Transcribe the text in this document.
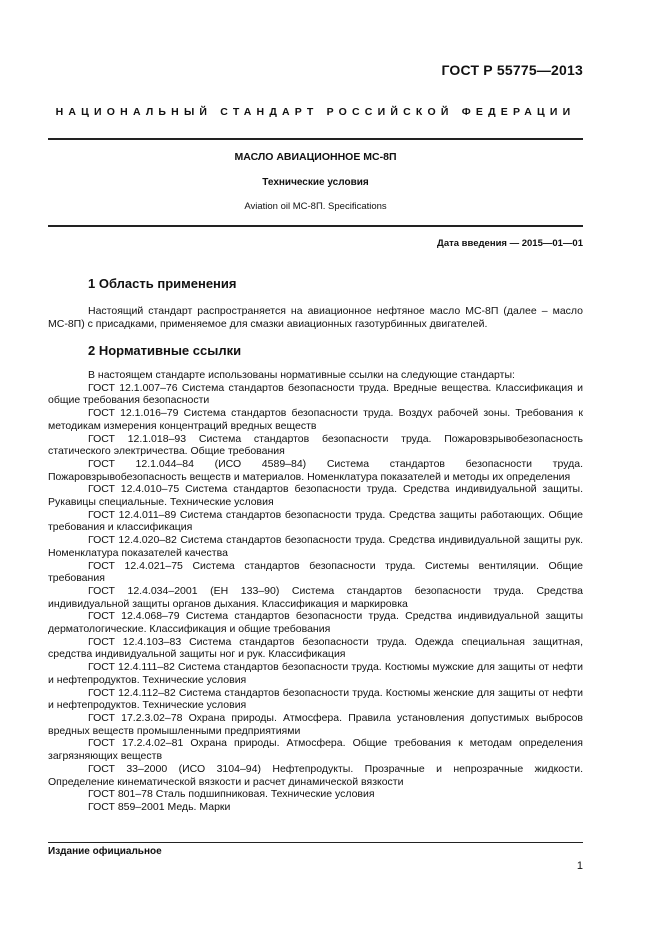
ГОСТ Р 55775—2013
НАЦИОНАЛЬНЫЙ СТАНДАРТ РОССИЙСКОЙ ФЕДЕРАЦИИ
МАСЛО АВИАЦИОННОЕ МС-8П
Технические условия
Aviation oil МС-8П. Specifications
Дата введения — 2015—01—01
1 Область применения

Настоящий стандарт распространяется на авиационное нефтяное масло МС-8П (далее – масло МС-8П) с присадками, применяемое для смазки авиационных газотурбинных двигателей.

2 Нормативные ссылки

В настоящем стандарте использованы нормативные ссылки на следующие стандарты:

ГОСТ 12.1.007–76 Система стандартов безопасности труда. Вредные вещества. Классификация и общие требования безопасности

ГОСТ 12.1.016–79 Система стандартов безопасности труда. Воздух рабочей зоны. Требования к методикам измерения концентраций вредных веществ

ГОСТ 12.1.018–93 Система стандартов безопасности труда. Пожаровзрывобезопасность статического электричества. Общие требования

ГОСТ 12.1.044–84 (ИСО 4589–84) Система стандартов безопасности труда. Пожаровзрывобезопасность веществ и материалов. Номенклатура показателей и методы их определения

ГОСТ 12.4.010–75 Система стандартов безопасности труда. Средства индивидуальной защиты. Рукавицы специальные. Технические условия

ГОСТ 12.4.011–89 Система стандартов безопасности труда. Средства защиты работающих. Общие требования и классификация

ГОСТ 12.4.020–82 Система стандартов безопасности труда. Средства индивидуальной защиты рук. Номенклатура показателей качества

ГОСТ 12.4.021–75 Система стандартов безопасности труда. Системы вентиляции. Общие требования

ГОСТ 12.4.034–2001 (ЕН 133–90) Система стандартов безопасности труда. Средства индивидуальной защиты органов дыхания. Классификация и маркировка

ГОСТ 12.4.068–79 Система стандартов безопасности труда. Средства индивидуальной защиты дерматологические. Классификация и общие требования

ГОСТ 12.4.103–83 Система стандартов безопасности труда. Одежда специальная защитная, средства индивидуальной защиты ног и рук. Классификация

ГОСТ 12.4.111–82 Система стандартов безопасности труда. Костюмы мужские для защиты от нефти и нефтепродуктов. Технические условия

ГОСТ 12.4.112–82 Система стандартов безопасности труда. Костюмы женские для защиты от нефти и нефтепродуктов. Технические условия

ГОСТ 17.2.3.02–78 Охрана природы. Атмосфера. Правила установления допустимых выбросов вредных веществ промышленными предприятиями

ГОСТ 17.2.4.02–81 Охрана природы. Атмосфера. Общие требования к методам определения загрязняющих веществ

ГОСТ 33–2000 (ИСО 3104–94) Нефтепродукты. Прозрачные и непрозрачные жидкости. Определение кинематической вязкости и расчет динамической вязкости

ГОСТ 801–78 Сталь подшипниковая. Технические условия

ГОСТ 859–2001 Медь. Марки

Издание официальное
1
